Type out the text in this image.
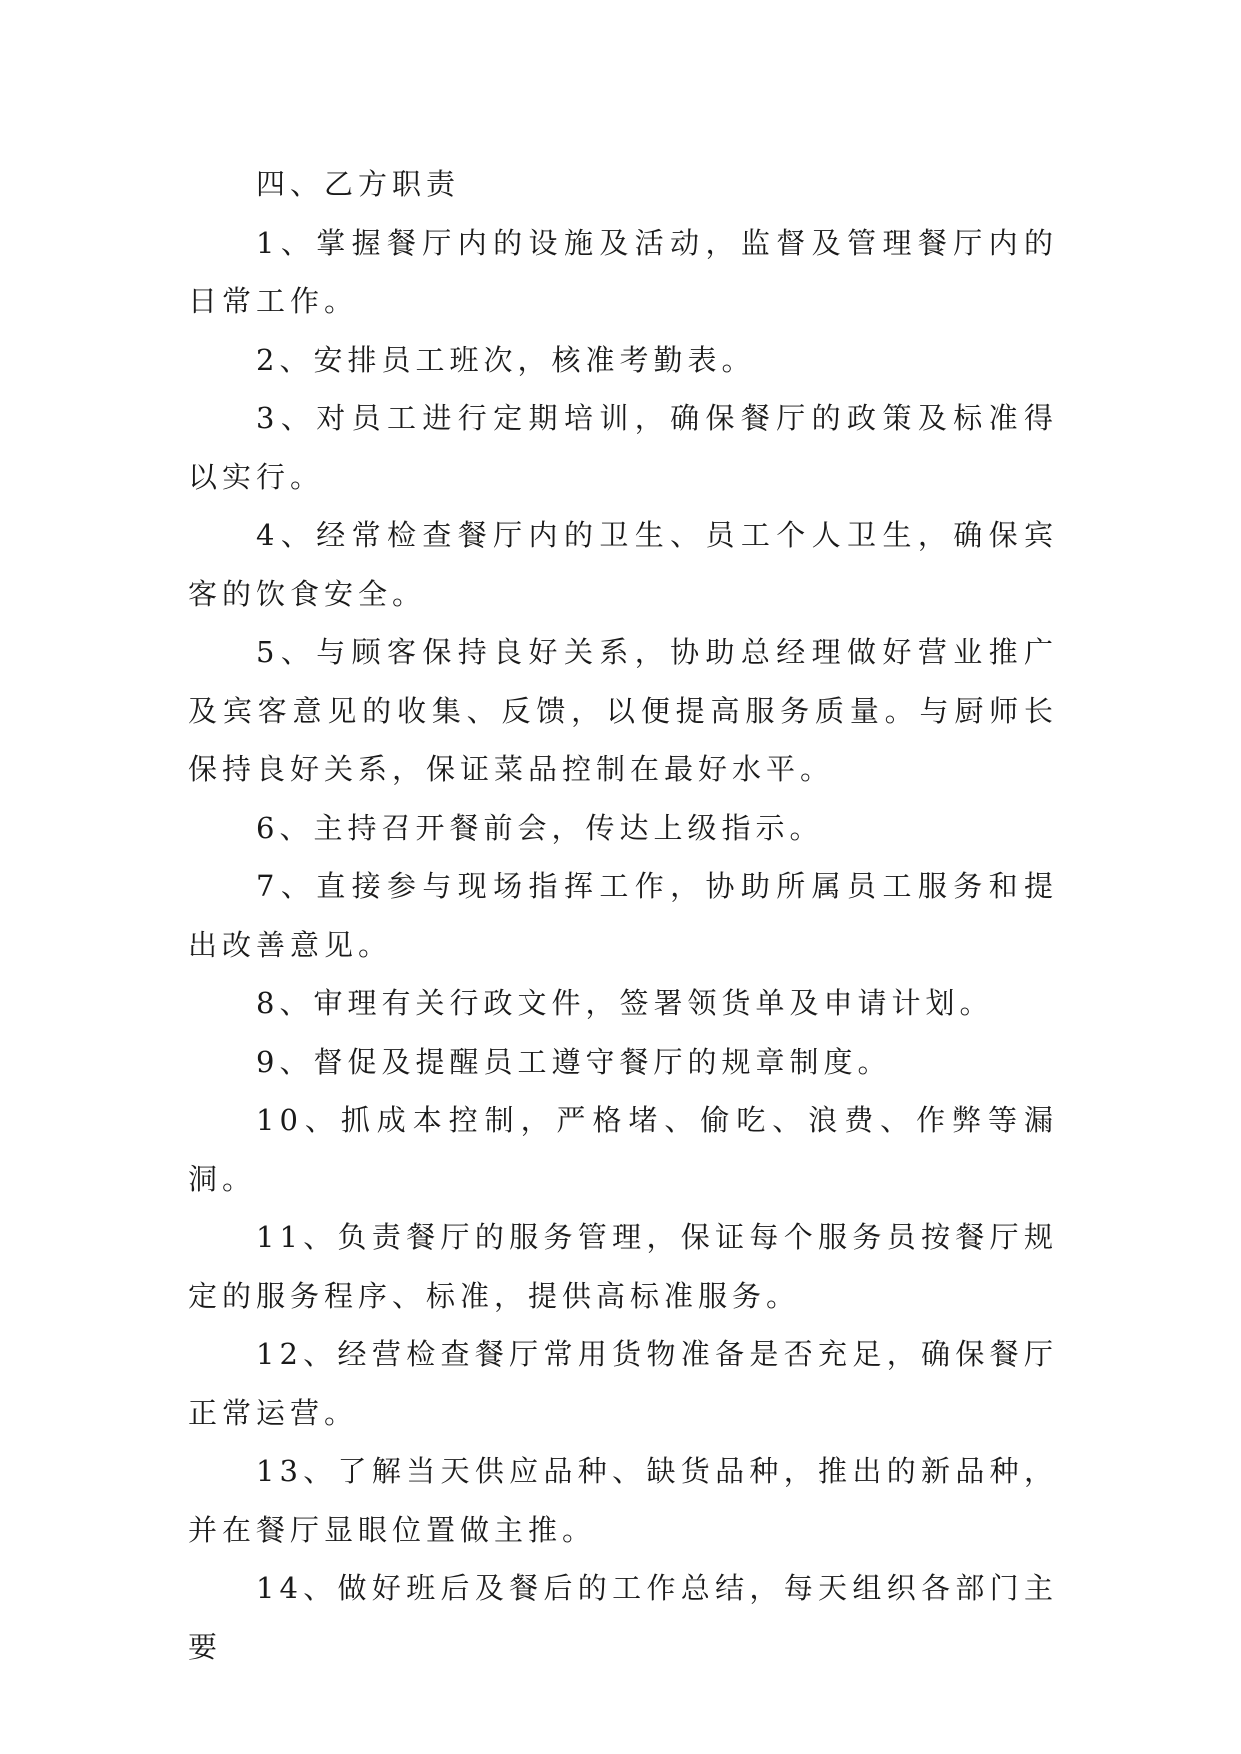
四、乙方职责

1、掌握餐厅内的设施及活动，监督及管理餐厅内的日常工作。

2、安排员工班次，核准考勤表。

3、对员工进行定期培训，确保餐厅的政策及标准得以实行。

4、经常检查餐厅内的卫生、员工个人卫生，确保宾客的饮食安全。

5、与顾客保持良好关系，协助总经理做好营业推广及宾客意见的收集、反馈，以便提高服务质量。与厨师长保持良好关系，保证菜品控制在最好水平。

6、主持召开餐前会，传达上级指示。

7、直接参与现场指挥工作，协助所属员工服务和提出改善意见。

8、审理有关行政文件，签署领货单及申请计划。

9、督促及提醒员工遵守餐厅的规章制度。

10、抓成本控制，严格堵、偷吃、浪费、作弊等漏洞。

11、负责餐厅的服务管理，保证每个服务员按餐厅规定的服务程序、标准，提供高标准服务。

12、经营检查餐厅常用货物准备是否充足，确保餐厅正常运营。

13、了解当天供应品种、缺货品种，推出的新品种，并在餐厅显眼位置做主推。

14、做好班后及餐后的工作总结，每天组织各部门主要
